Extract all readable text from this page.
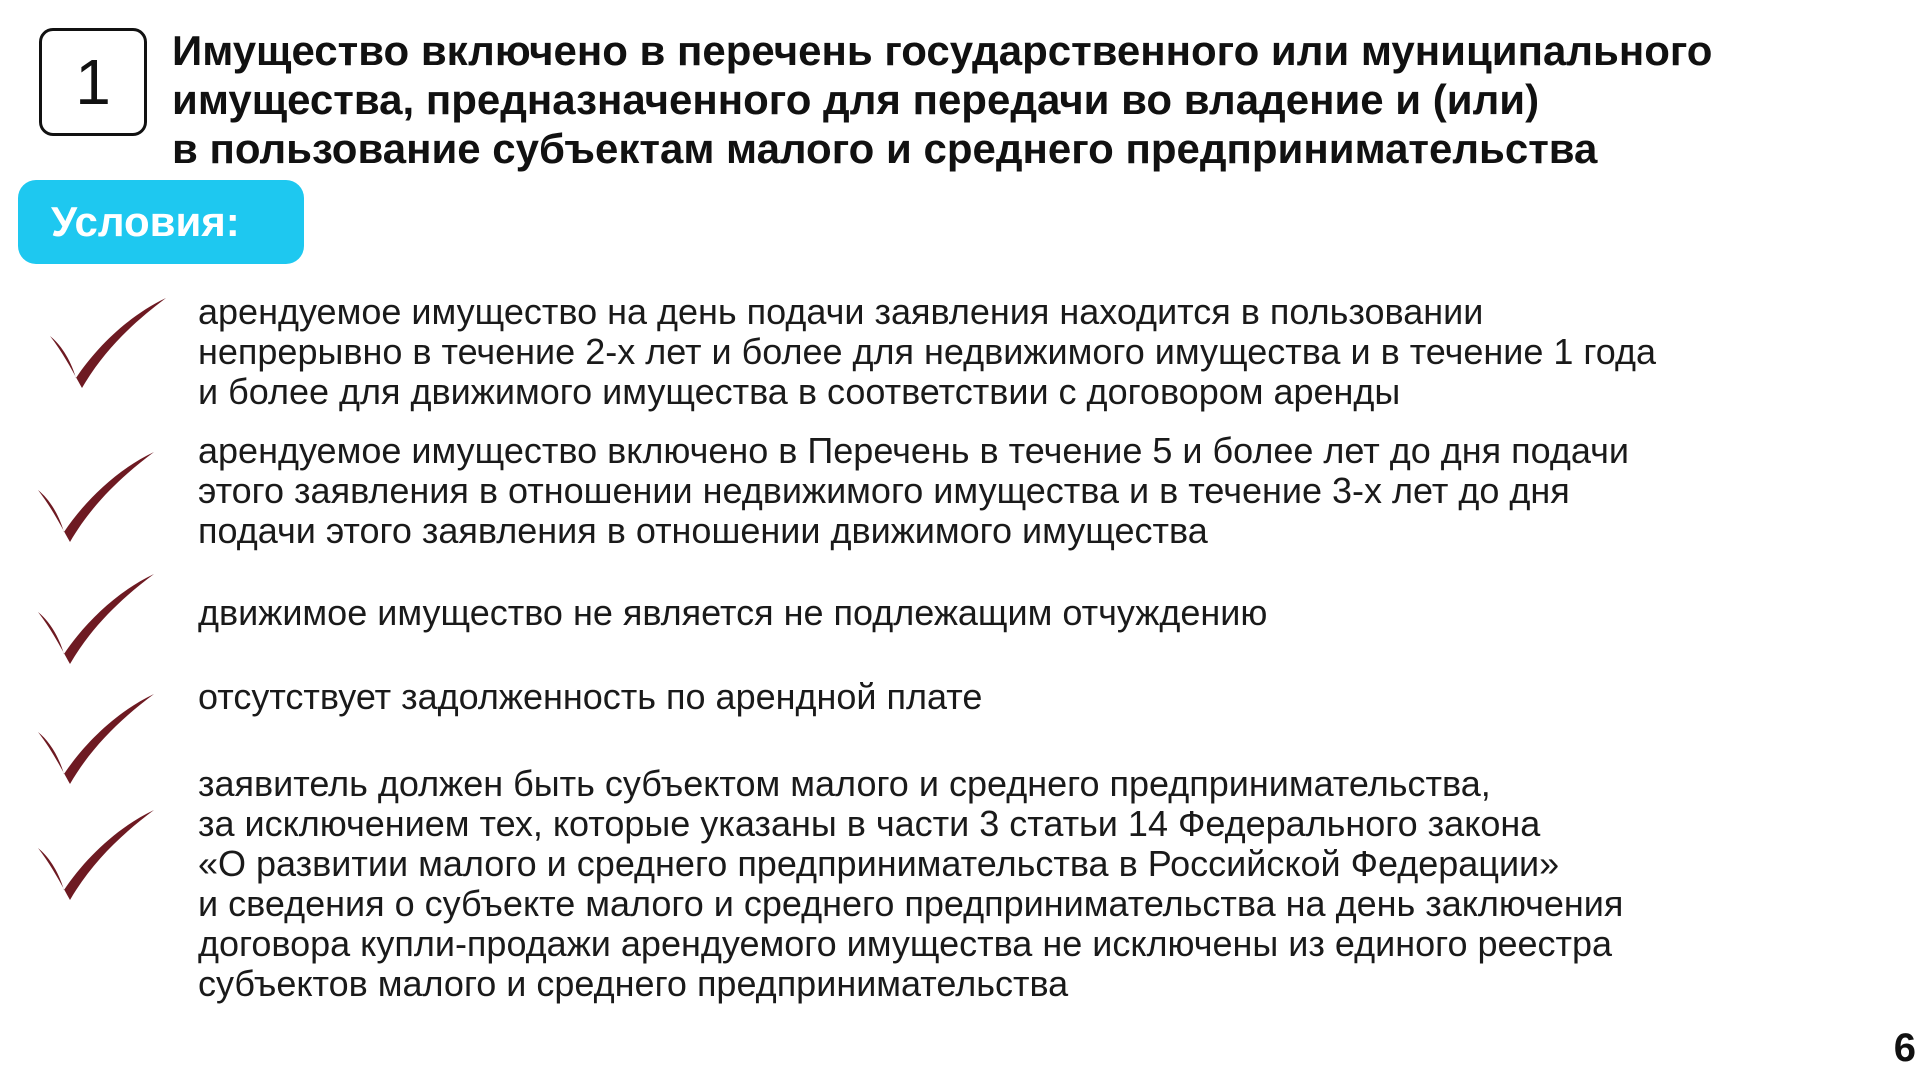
1 Имущество включено в перечень государственного или муниципального
имущества, предназначенного для передачи во владение и (или)
в пользование субъектам малого и среднего предпринимательства
Условия:
арендуемое имущество на день подачи заявления находится в пользовании
непрерывно в течение 2-х лет и более для недвижимого имущества и в течение 1 года
и более для движимого имущества в соответствии с договором аренды
арендуемое имущество включено в Перечень в течение 5 и более лет до дня подачи
этого заявления в отношении недвижимого имущества и в течение 3-х лет до дня
подачи этого заявления в отношении движимого имущества
движимое имущество не является не подлежащим отчуждению
отсутствует задолженность по арендной плате
заявитель должен быть субъектом малого и среднего предпринимательства,
за исключением тех, которые указаны в части 3 статьи 14 Федерального закона
«О развитии малого и среднего предпринимательства в Российской Федерации»
и сведения о субъекте малого и среднего предпринимательства на день заключения
договора купли-продажи арендуемого имущества не исключены из единого реестра
субъектов малого и среднего предпринимательства
6
